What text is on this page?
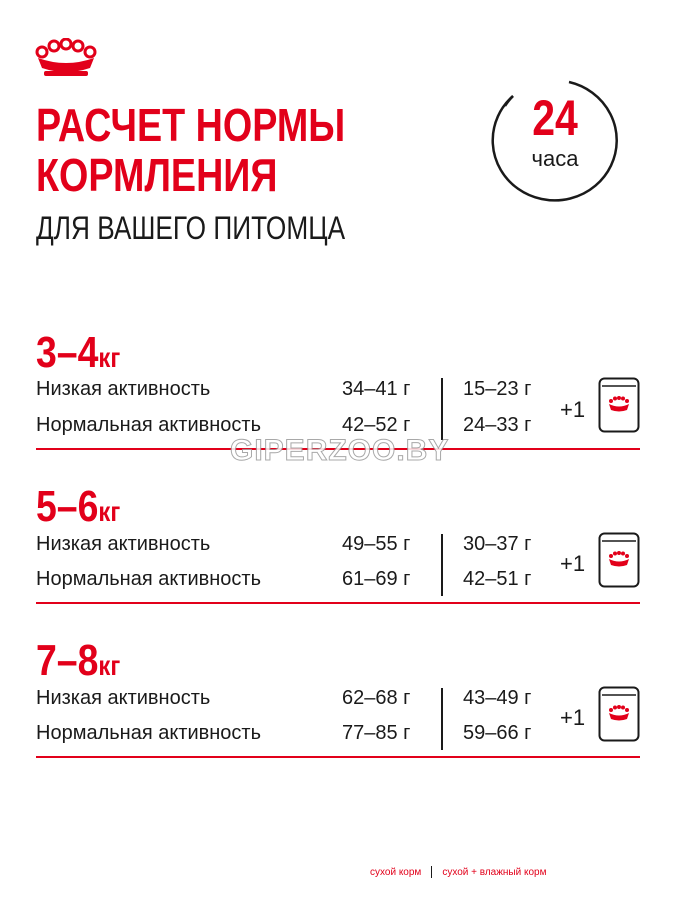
РАСЧЕТ НОРМЫ
КОРМЛЕНИЯ

ДЛЯ ВАШЕГО ПИТОМЦА

24
часа
3–4кг
Низкая активность	34–41 г	15–23 г
Нормальная активность	42–52 г	24–33 г
+1
5–6кг
Низкая активность	49–55 г	30–37 г
Нормальная активность	61–69 г	42–51 г
+1
7–8кг
Низкая активность	62–68 г	43–49 г
Нормальная активность	77–85 г	59–66 г
+1
GIPERZOO.BY
сухой корм сухой + влажный корм
